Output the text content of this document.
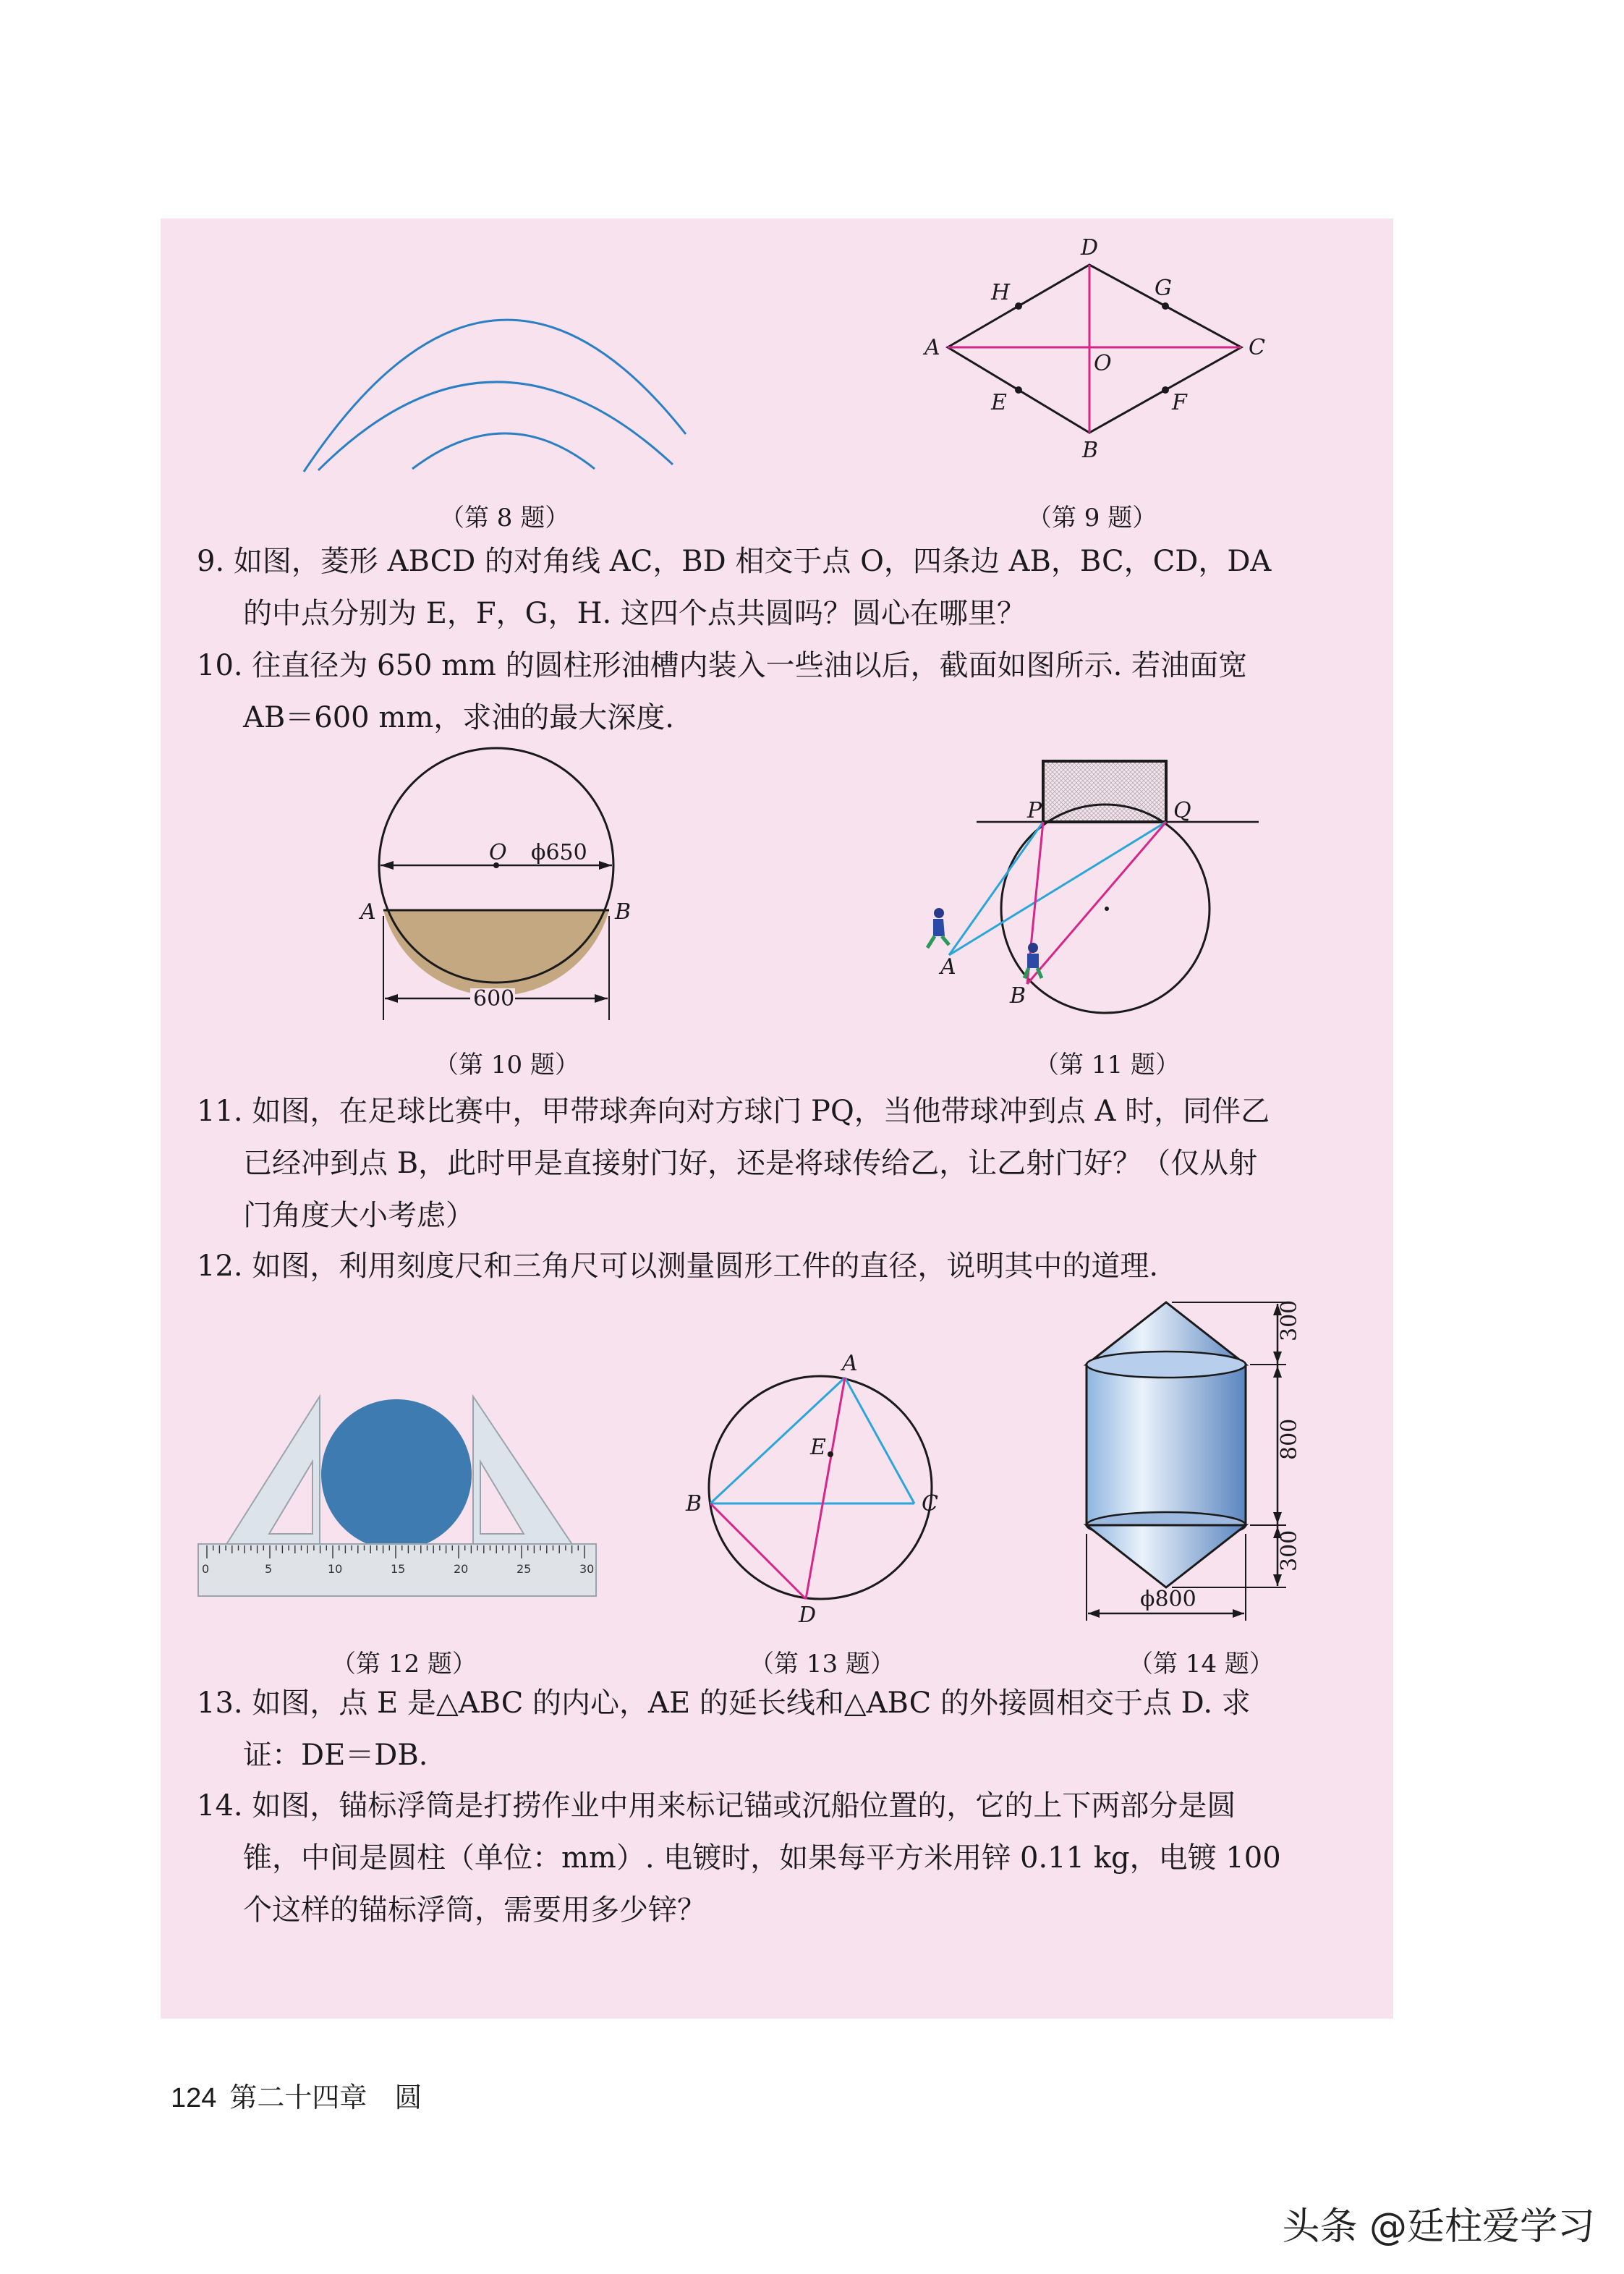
（第 8 题）
A
B
C
D
E	F
G
H
O
（第 9 题）
9. 如图，菱形 ABCD 的对角线 AC，BD 相交于点 O，四条边 AB，BC，CD，DA
的中点分别为 E，F，G，H. 这四个点共圆吗？圆心在哪里？
10. 往直径为 650 mm 的圆柱形油槽内装入一些油以后，截面如图所示. 若油面宽
AB＝600 mm，求油的最大深度.
O
A	B
ϕ650
600
（第 10 题）
P	Q
A
B
（第 11 题）
11. 如图，在足球比赛中，甲带球奔向对方球门 PQ，当他带球冲到点 A 时，同伴乙
已经冲到点 B，此时甲是直接射门好，还是将球传给乙，让乙射门好？（仅从射
门角度大小考虑）
12. 如图，利用刻度尺和三角尺可以测量圆形工件的直径，说明其中的道理.
0	5	10	15	20	25	30
（第 12 题）
A
B	C
D
E
（第 13 题）
300
800
300
ϕ800
（第 14 题）
13. 如图，点 E 是△ABC 的内心，AE 的延长线和△ABC 的外接圆相交于点 D. 求
证：DE＝DB.
14. 如图，锚标浮筒是打捞作业中用来标记锚或沉船位置的，它的上下两部分是圆
锥，中间是圆柱（单位：mm）. 电镀时，如果每平方米用锌 0.11 kg，电镀 100
个这样的锚标浮筒，需要用多少锌？
124 第二十四章　圆
头条 @廷柱爱学习
